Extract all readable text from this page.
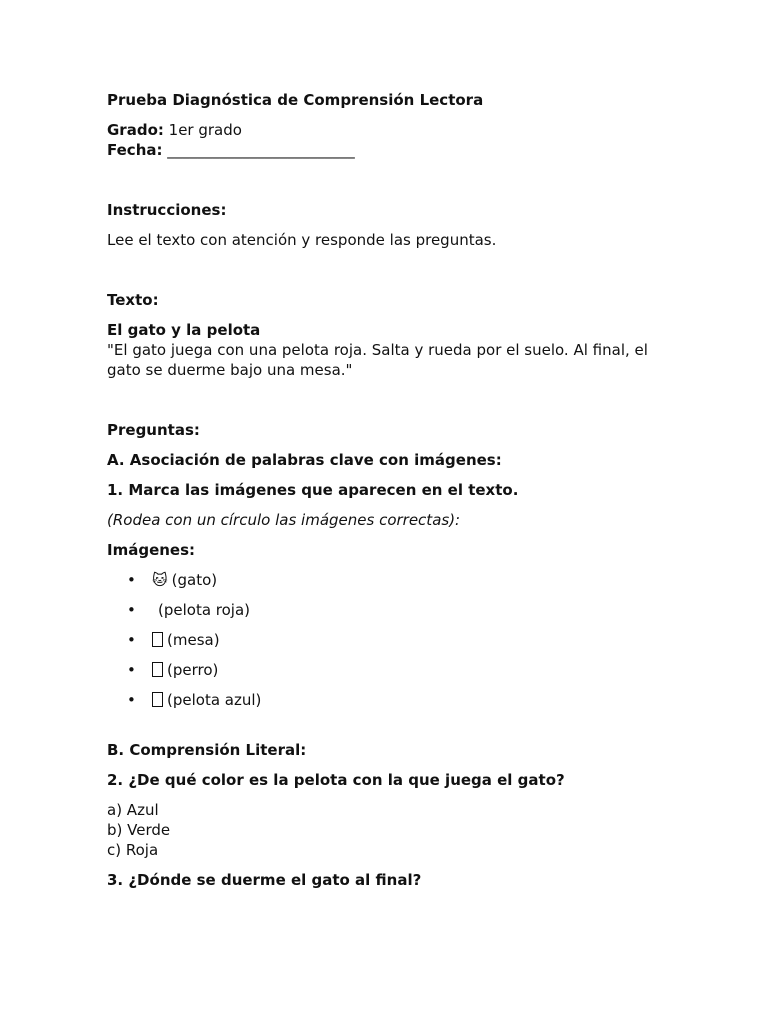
Prueba Diagnóstica de Comprensión Lectora

Grado: 1er grado

Fecha: _________________________

Instrucciones:

Lee el texto con atención y responde las preguntas.

Texto:

El gato y la pelota

"El gato juega con una pelota roja. Salta y rueda por el suelo. Al final, el gato se duerme bajo una mesa."

Preguntas:

A. Asociación de palabras clave con imágenes:

1. Marca las imágenes que aparecen en el texto.

(Rodea con un círculo las imágenes correctas):

Imágenes:

• 🐱 (gato)
• (pelota roja)
• (mesa)
• (perro)
• (pelota azul)

B. Comprensión Literal:

2. ¿De qué color es la pelota con la que juega el gato?

a) Azul

b) Verde

c) Roja

3. ¿Dónde se duerme el gato al final?
